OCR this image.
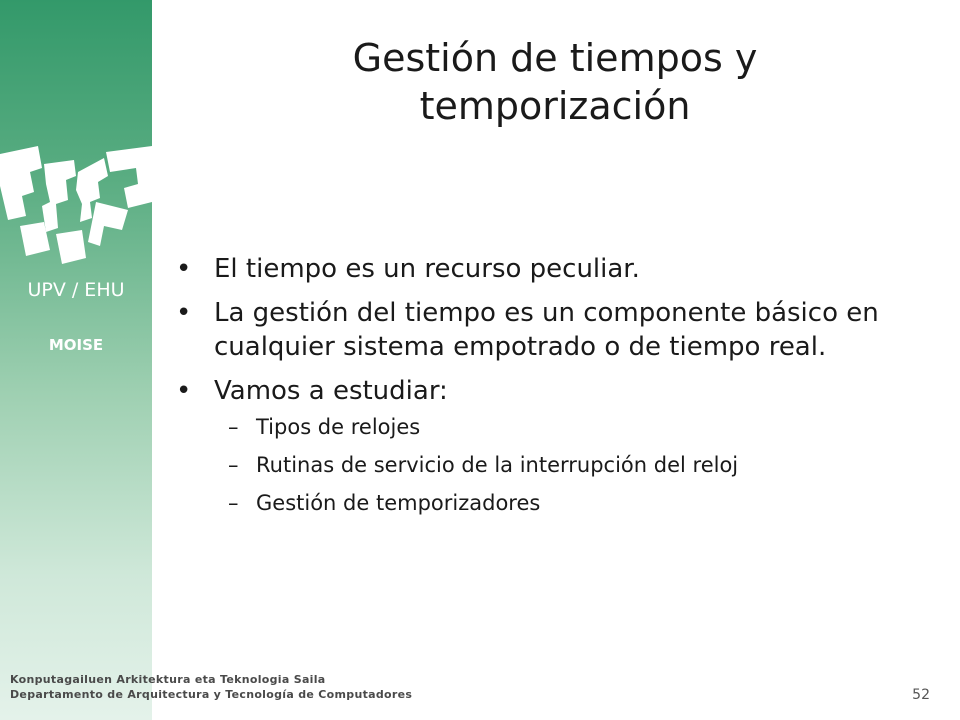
UPV / EHU
MOISE
Gestión de tiempos y
temporización
• El tiempo es un recurso peculiar.
• La gestión del tiempo es un componente básico en cualquier sistema empotrado o de tiempo real.
• Vamos a estudiar:
– Tipos de relojes
– Rutinas de servicio de la interrupción del reloj
– Gestión de temporizadores
Konputagailuen Arkitektura eta Teknologia Saila
Departamento de Arquitectura y Tecnología de Computadores	52
